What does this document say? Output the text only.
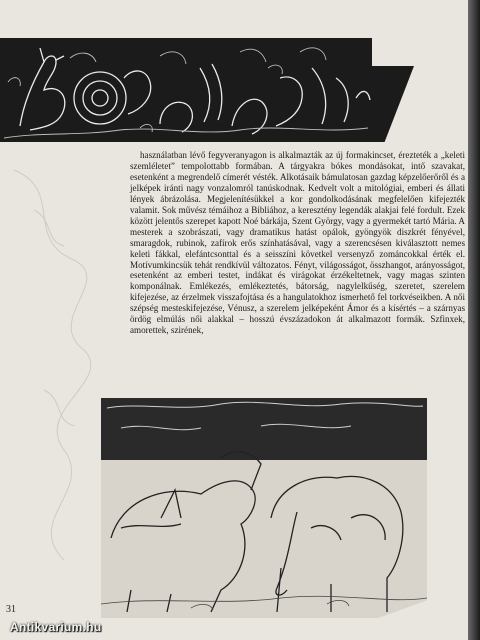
használatban lévő fegyveranyagon is alkalmazták az új formakincset, érezteték a „keleti szemléletet” tempolottabb formában. A tárgyakra bókes mondásokat, intő szavakat, esetenként a megrendelő címerét vésték. Alkotásaik bámulatosan gazdag képzelőerőről és a jelképek iránti nagy vonzalomról tanúskodnak. Kedvelt volt a mitológiai, emberi és állati lények ábrázolása. Megjelenítésükkel a kor gondolkodásának megfelelően kifejezték valamit. Sok művész témáihoz a Bibliához, a keresztény legendák alakjai felé fordult. Ezek között jelentős szerepet kapott Noé bárkája, Szent György, vagy a gyermekét tartó Mária. A mesterek a szobrászati, vagy dramatikus hatást opálok, gyöngyök diszkrét fényével, smaragdok, rubinok, zafírok erős színhatásával, vagy a szerencsésen kiválasztott nemes keleti fákkal, elefántcsonttal és a seisszíni követkel versenyző zománcokkal érték el. Motívumkincsük tehát rendkívül változatos. Fényt, világosságot, összhangot, arányosságot, esetenként az emberi testet, indákat és virágokat érzékeltetnek, vagy magas szinten komponálnak. Emlékezés, emlékeztetés, bátorság, nagylelkűség, szeretet, szerelem kifejezése, az érzelmek visszafojtása és a hangulatokhoz ismerhető fel torkvéseikben. A női szépség mesteskifejezése, Vénusz, a szerelem jelképeként Ámor és a kísértés – a szárnyas ördög elmúlás női alakkal – hosszú évszázadokon át alkalmazott formák. Szfinxek, amorettek, szirének,

31
Antikvarium.hu
